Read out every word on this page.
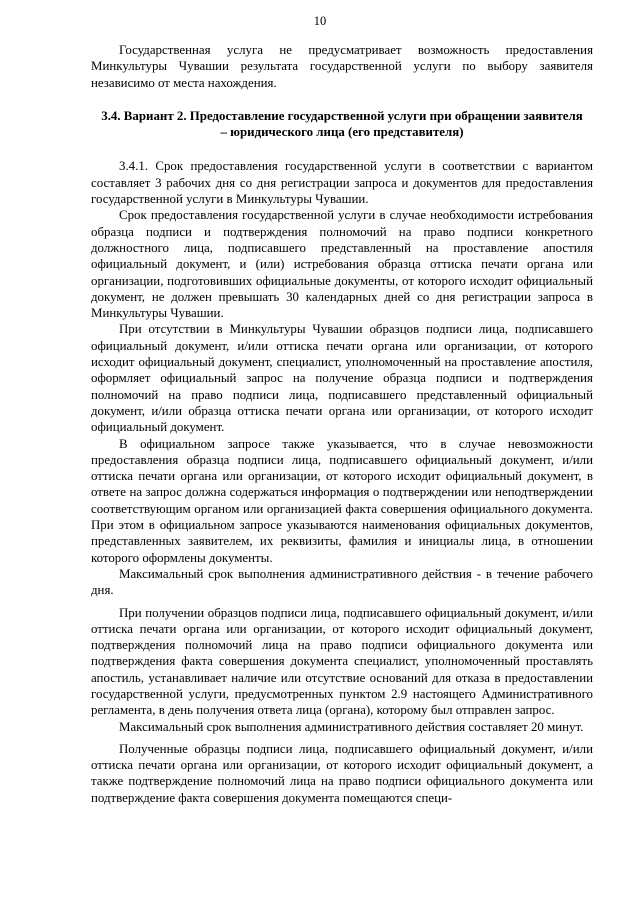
10

Государственная услуга не предусматривает возможность предоставления Минкультуры Чувашии результата государственной услуги по выбору заявителя независимо от места нахождения.

3.4. Вариант 2. Предоставление государственной услуги при обращении заявителя – юридического лица (его представителя)

3.4.1. Срок предоставления государственной услуги в соответствии с вариантом составляет 3 рабочих дня со дня регистрации запроса и документов для предоставления государственной услуги в Минкультуры Чувашии.

Срок предоставления государственной услуги в случае необходимости истребования образца подписи и подтверждения полномочий на право подписи конкретного должностного лица, подписавшего представленный на проставление апостиля официальный документ, и (или) истребования образца оттиска печати органа или организации, подготовивших официальные документы, от которого исходит официальный документ, не должен превышать 30 календарных дней со дня регистрации запроса в Минкультуры Чувашии.

При отсутствии в Минкультуры Чувашии образцов подписи лица, подписавшего официальный документ, и/или оттиска печати органа или организации, от которого исходит официальный документ, специалист, уполномоченный на проставление апостиля, оформляет официальный запрос на получение образца подписи и подтверждения полномочий на право подписи лица, подписавшего представленный официальный документ, и/или образца оттиска печати органа или организации, от которого исходит официальный документ.

В официальном запросе также указывается, что в случае невозможности предоставления образца подписи лица, подписавшего официальный документ, и/или оттиска печати органа или организации, от которого исходит официальный документ, в ответе на запрос должна содержаться информация о подтверждении или неподтверждении соответствующим органом или организацией факта совершения официального документа. При этом в официальном запросе указываются наименования официальных документов, представленных заявителем, их реквизиты, фамилия и инициалы лица, в отношении которого оформлены документы.

Максимальный срок выполнения административного действия - в течение рабочего дня.

При получении образцов подписи лица, подписавшего официальный документ, и/или оттиска печати органа или организации, от которого исходит официальный документ, подтверждения полномочий лица на право подписи официального документа или подтверждения факта совершения документа специалист, уполномоченный проставлять апостиль, устанавливает наличие или отсутствие оснований для отказа в предоставлении государственной услуги, предусмотренных пунктом 2.9 настоящего Административного регламента, в день получения ответа лица (органа), которому был отправлен запрос.

Максимальный срок выполнения административного действия составляет 20 минут.

Полученные образцы подписи лица, подписавшего официальный документ, и/или оттиска печати органа или организации, от которого исходит официальный документ, а также подтверждение полномочий лица на право подписи официального документа или подтверждение факта совершения документа помещаются специ-
